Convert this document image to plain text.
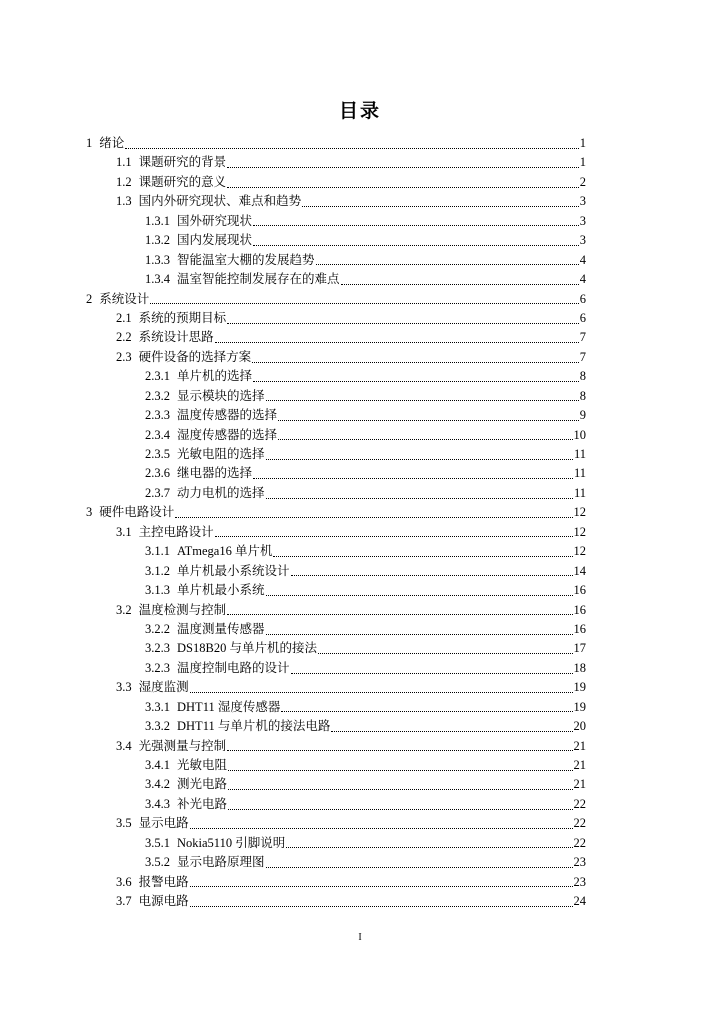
目录
1 绪论	1
1.1 课题研究的背景	1
1.2 课题研究的意义	2
1.3 国内外研究现状、难点和趋势	3
1.3.1 国外研究现状	3
1.3.2 国内发展现状	3
1.3.3 智能温室大棚的发展趋势	4
1.3.4 温室智能控制发展存在的难点	4
2 系统设计	6
2.1 系统的预期目标	6
2.2 系统设计思路	7
2.3 硬件设备的选择方案	7
2.3.1 单片机的选择	8
2.3.2 显示模块的选择	8
2.3.3 温度传感器的选择	9
2.3.4 湿度传感器的选择	10
2.3.5 光敏电阻的选择	11
2.3.6 继电器的选择	11
2.3.7 动力电机的选择	11
3 硬件电路设计	12
3.1 主控电路设计	12
3.1.1 ATmega16 单片机	12
3.1.2 单片机最小系统设计	14
3.1.3 单片机最小系统	16
3.2 温度检测与控制	16
3.2.2 温度测量传感器	16
3.2.3 DS18B20 与单片机的接法	17
3.2.3 温度控制电路的设计	18
3.3 湿度监测	19
3.3.1 DHT11 湿度传感器	19
3.3.2 DHT11 与单片机的接法电路	20
3.4 光强测量与控制	21
3.4.1 光敏电阻	21
3.4.2 测光电路	21
3.4.3 补光电路	22
3.5 显示电路	22
3.5.1 Nokia5110 引脚说明	22
3.5.2 显示电路原理图	23
3.6 报警电路	23
3.7 电源电路	24
I
